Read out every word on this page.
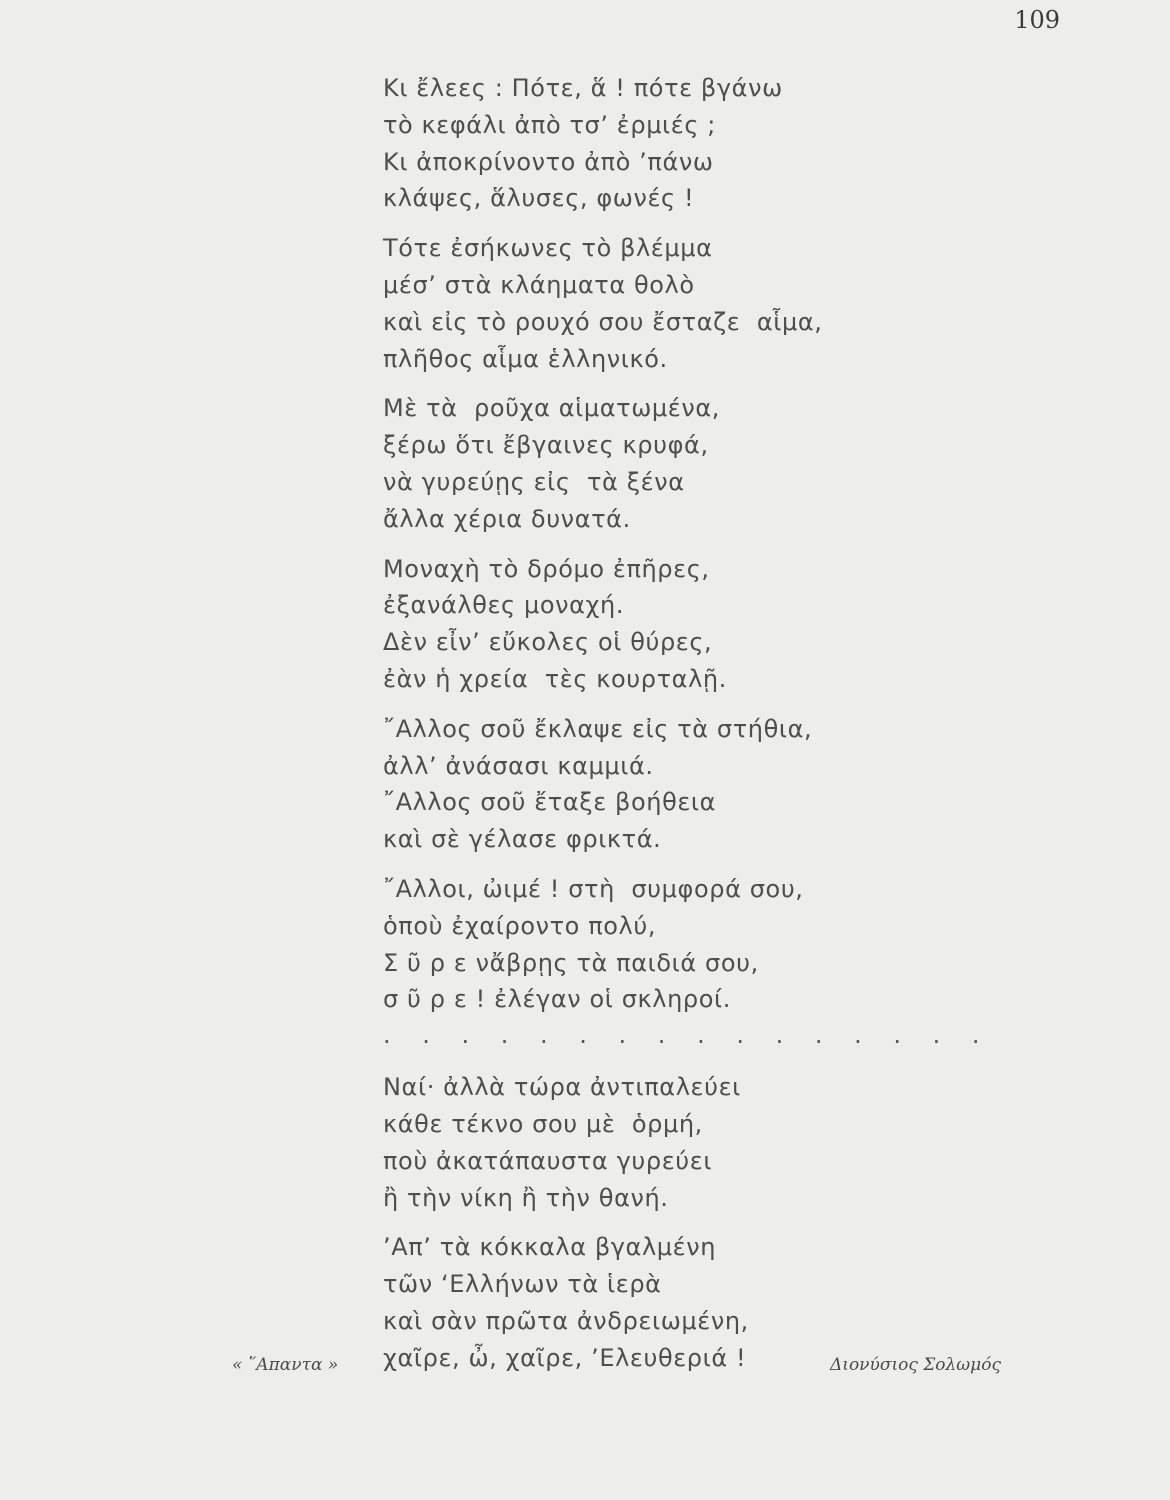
109
Κι ἔλεες : Πότε, ἅ ! πότε βγάνω
τὸ κεφάλι ἀπὸ τσ’ ἐρμιές ;
Κι ἀποκρίνοντο ἀπὸ ’πάνω
κλάψες, ἅλυσες, φωνές !
Τότε ἐσήκωνες τὸ βλέμμα
μέσ’ στὰ κλάηματα θολὸ
καὶ εἰς τὸ ρουχό σου ἔσταζε  αἷμα,
πλῆθος αἷμα ἑλληνικό.
Μὲ τὰ  ροῦχα αἱματωμένα,
ξέρω ὅτι ἔβγαινες κρυφά,
νὰ γυρεύῃς εἰς  τὰ ξένα
ἄλλα χέρια δυνατά.
Μοναχὴ τὸ δρόμο ἐπῆρες,
ἐξανάλθες μοναχή.
Δὲν εἶν’ εὔκολες οἱ θύρες,
ἐὰν ἡ χρεία  τὲς κουρταλῇ.
῎Αλλος σοῦ ἔκλαψε εἰς τὰ στήθια,
ἀλλ’ ἀνάσασι καμμιά.
῎Αλλος σοῦ ἔταξε βοήθεια
καὶ σὲ γέλασε φρικτά.
῎Αλλοι, ὠιμέ ! στὴ  συμφορά σου,
ὁποὺ ἐχαίροντο πολύ,
Σ ῦ ρ ε νἄβρῃς τὰ παιδιά σου,
σ ῦ ρ ε ! ἐλέγαν οἱ σκληροί.
· · · · · · · · · · · · · · · ·
Ναί· ἀλλὰ τώρα ἀντιπαλεύει
κάθε τέκνο σου μὲ  ὁρμή,
ποὺ ἀκατάπαυστα γυρεύει
ἢ τὴν νίκη ἢ τὴν θανή.
’Απ’ τὰ κόκκαλα βγαλμένη
τῶν ‘Ελλήνων τὰ ἱερὰ
καὶ σὰν πρῶτα ἀνδρειωμένη,
χαῖρε, ὦ, χαῖρε, ’Ελευθεριά !
« ῞Απαντα »	Διονύσιος Σολωμός
